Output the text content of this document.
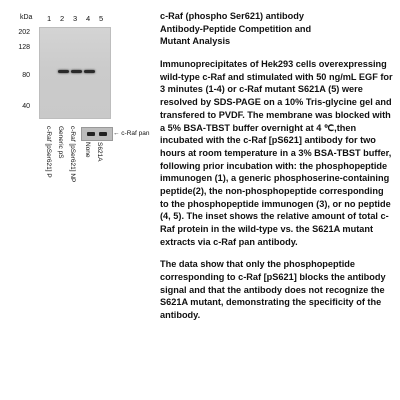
kDa 1 2 3 4 5
202
128
80
40
c-Raf [pSer621] P Generic pS c-Raf [pSer621] NP None S621A
← c-Raf pan

c-Raf (phospho Ser621) antibody
Antibody-Peptide Competition and
Mutant Analysis

Immunoprecipitates of Hek293 cells overexpressing wild-type c-Raf and stimulated with 50 ng/mL EGF for 3 minutes (1-4) or c-Raf mutant S621A (5) were resolved by SDS-PAGE on a 10% Tris-glycine gel and transfered to PVDF. The membrane was blocked with a 5% BSA-TBST buffer overnight at 4 ℃,then incubated with the c-Raf [pS621] antibody for two hours at room temperature in a 3% BSA-TBST buffer, following prior incubation with: the phosphopeptide immunogen (1), a generic phosphoserine-containing peptide(2), the non-phosphopeptide corresponding to the phosphopeptide immunogen (3), or no peptide (4, 5). The inset shows the relative amount of total c-Raf protein in the wild-type vs. the S621A mutant extracts via c-Raf pan antibody.

The data show that only the phosphopeptide corresponding to c-Raf [pS621] blocks the antibody signal and that the antibody does not recognize the S621A mutant, demonstrating the specificity of the antibody.
